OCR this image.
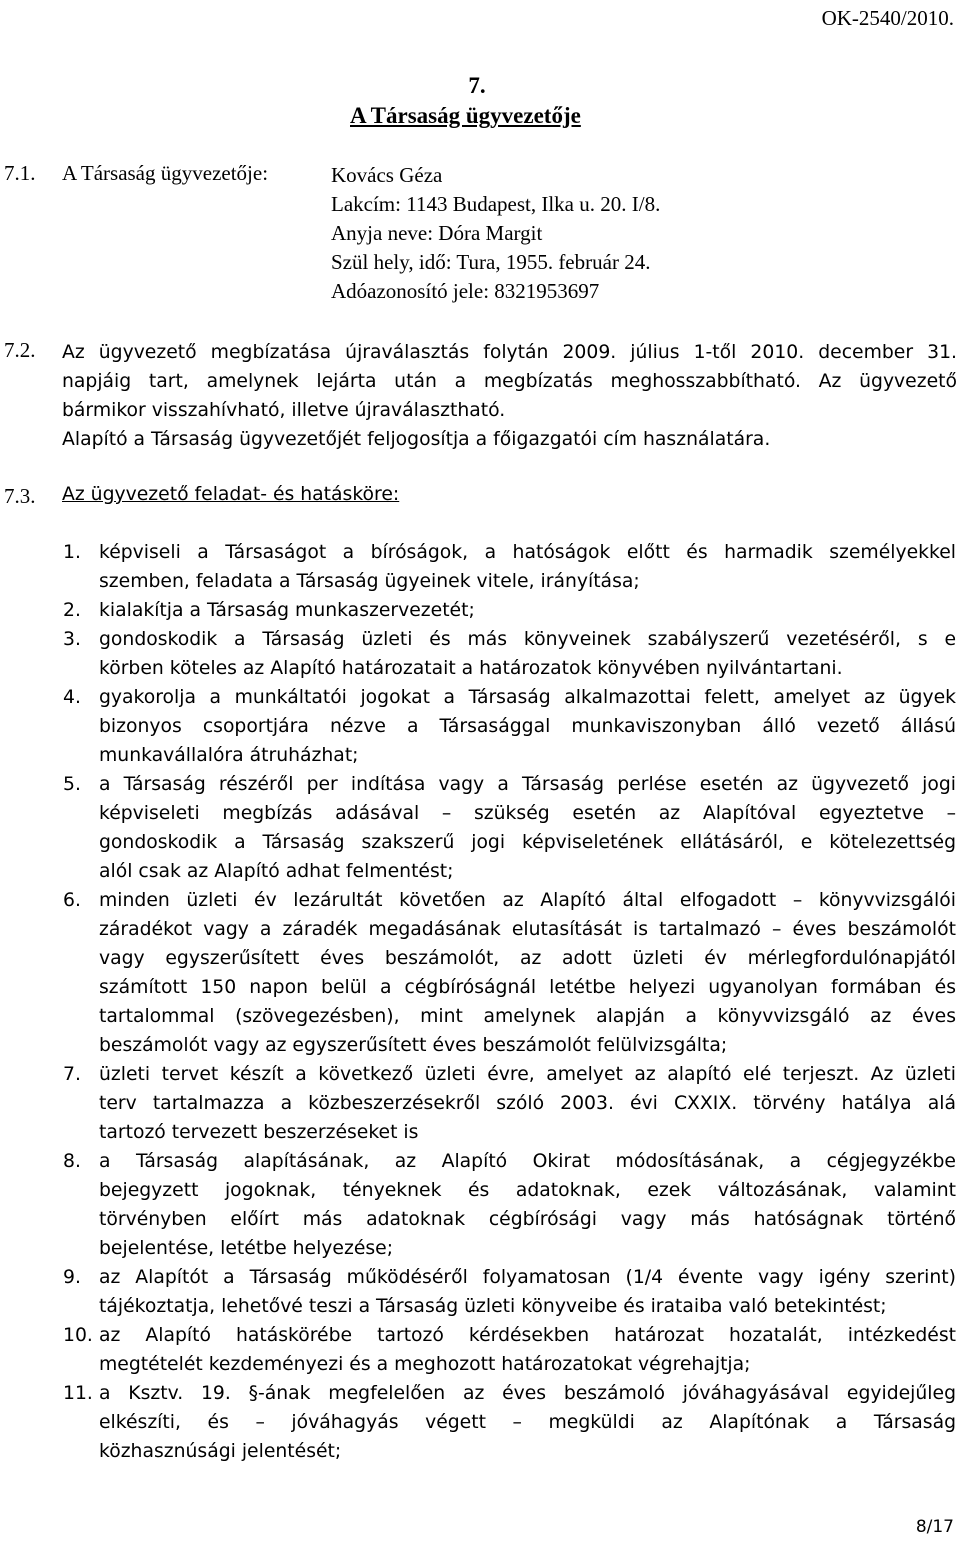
OK-2540/2010.
7.
A Társaság ügyvezetője
7.1. A Társaság ügyvezetője:	Kovács Géza
Lakcím: 1143 Budapest, Ilka u. 20. I/8.
Anyja neve: Dóra Margit
Szül hely, idő: Tura, 1955. február 24.
Adóazonosító jele: 8321953697
7.2. Az ügyvezető megbízatása újraválasztás folytán 2009. július 1-től 2010. december 31.
napjáig tart, amelynek lejárta után a megbízatás meghosszabbítható. Az ügyvezető
bármikor visszahívható, illetve újraválasztható.
Alapító a Társaság ügyvezetőjét feljogosítja a főigazgatói cím használatára.
7.3. Az ügyvezető feladat- és hatásköre:
1. képviseli a Társaságot a bíróságok, a hatóságok előtt és harmadik személyekkel
szemben, feladata a Társaság ügyeinek vitele, irányítása;
2. kialakítja a Társaság munkaszervezetét;
3. gondoskodik a Társaság üzleti és más könyveinek szabályszerű vezetéséről, s e
körben köteles az Alapító határozatait a határozatok könyvében nyilvántartani.
4. gyakorolja a munkáltatói jogokat a Társaság alkalmazottai felett, amelyet az ügyek
bizonyos csoportjára nézve a Társasággal munkaviszonyban álló vezető állású
munkavállalóra átruházhat;
5. a Társaság részéről per indítása vagy a Társaság perlése esetén az ügyvezető jogi
képviseleti megbízás adásával – szükség esetén az Alapítóval egyeztetve –
gondoskodik a Társaság szakszerű jogi képviseletének ellátásáról, e kötelezettség
alól csak az Alapító adhat felmentést;
6. minden üzleti év lezárultát követően az Alapító által elfogadott – könyvvizsgálói
záradékot vagy a záradék megadásának elutasítását is tartalmazó – éves beszámolót
vagy egyszerűsített éves beszámolót, az adott üzleti év mérlegfordulónapjától
számított 150 napon belül a cégbíróságnál letétbe helyezi ugyanolyan formában és
tartalommal (szövegezésben), mint amelynek alapján a könyvvizsgáló az éves
beszámolót vagy az egyszerűsített éves beszámolót felülvizsgálta;
7. üzleti tervet készít a következő üzleti évre, amelyet az alapító elé terjeszt. Az üzleti
terv tartalmazza a közbeszerzésekről szóló 2003. évi CXXIX. törvény hatálya alá
tartozó tervezett beszerzéseket is
8. a Társaság alapításának, az Alapító Okirat módosításának, a cégjegyzékbe
bejegyzett jogoknak, tényeknek és adatoknak, ezek változásának, valamint
törvényben előírt más adatoknak cégbírósági vagy más hatóságnak történő
bejelentése, letétbe helyezése;
9. az Alapítót a Társaság működéséről folyamatosan (1/4 évente vagy igény szerint)
tájékoztatja, lehetővé teszi a Társaság üzleti könyveibe és irataiba való betekintést;
10. az Alapító hatáskörébe tartozó kérdésekben határozat hozatalát, intézkedést
megtételét kezdeményezi és a meghozott határozatokat végrehajtja;
11. a Ksztv. 19. §-ának megfelelően az éves beszámoló jóváhagyásával egyidejűleg
elkészíti, és – jóváhagyás végett – megküldi az Alapítónak a Társaság
közhasznúsági jelentését;
8/17
